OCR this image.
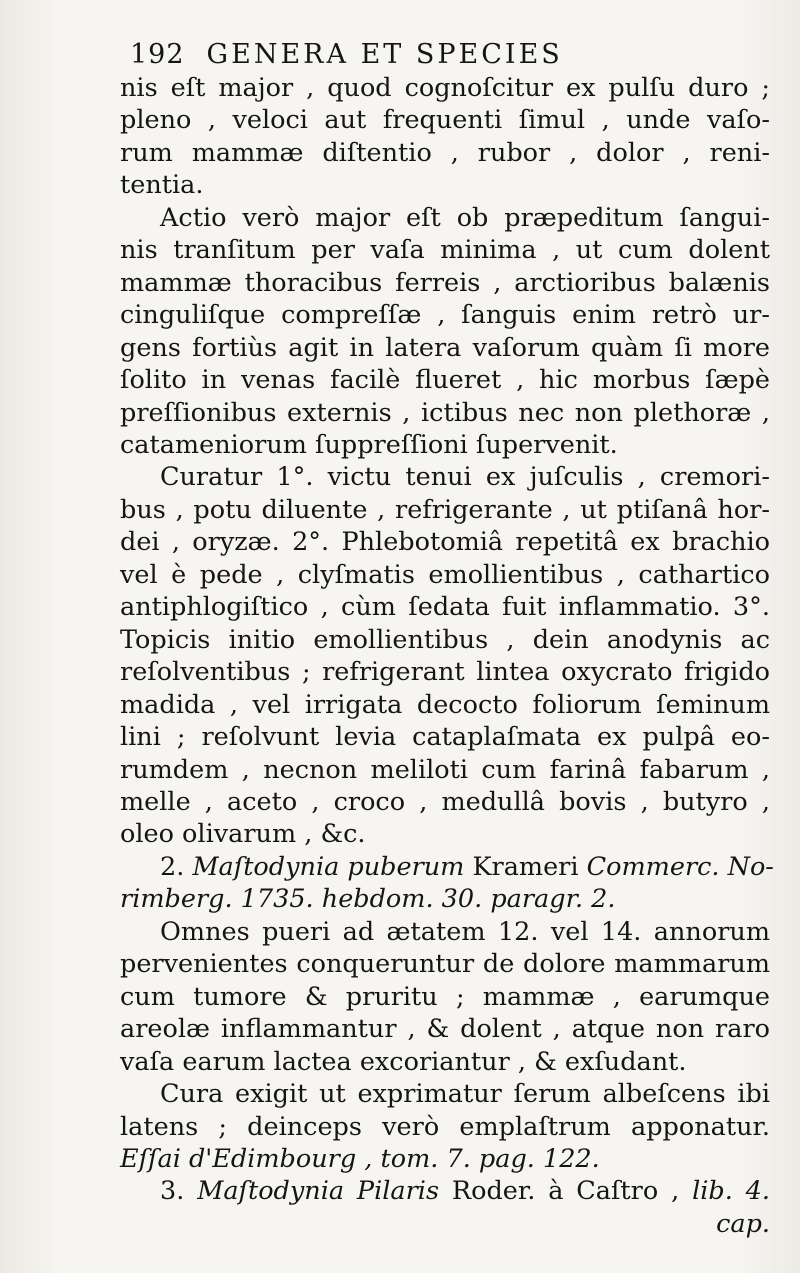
192 GENERA ET SPECIES
nis eſt major , quod cognoſcitur ex pulſu duro ;
pleno , veloci aut frequenti ſimul , unde vaſo-
rum mammæ diſtentio , rubor , dolor , reni-
tentia.
Actio verò major eſt ob præpeditum ſangui-
nis tranſitum per vaſa minima , ut cum dolent
mammæ thoracibus ferreis , arctioribus balænis
cinguliſque compreſſæ , ſanguis enim retrò ur-
gens fortiùs agit in latera vaſorum quàm ſi more
ſolito in venas facilè flueret , hic morbus ſæpè
preſſionibus externis , ictibus nec non plethoræ ,
catameniorum ſuppreſſioni ſupervenit.
Curatur 1°. victu tenui ex juſculis , cremori-
bus , potu diluente , refrigerante , ut ptiſanâ hor-
dei , oryzæ. 2°. Phlebotomiâ repetitâ ex brachio
vel è pede , clyſmatis emollientibus , cathartico
antiphlogiſtico , cùm ſedata fuit inflammatio. 3°.
Topicis initio emollientibus , dein anodynis ac
reſolventibus ; refrigerant lintea oxycrato frigido
madida , vel irrigata decocto foliorum ſeminum
lini ; reſolvunt levia cataplaſmata ex pulpâ eo-
rumdem , necnon meliloti cum farinâ fabarum ,
melle , aceto , croco , medullâ bovis , butyro ,
oleo olivarum , &c.
2. Maſtodynia puberum Krameri Commerc. No-
rimberg. 1735. hebdom. 30. paragr. 2.
Omnes pueri ad ætatem 12. vel 14. annorum
pervenientes conqueruntur de dolore mammarum
cum tumore & pruritu ; mammæ , earumque
areolæ inflammantur , & dolent , atque non raro
vaſa earum lactea excoriantur , & exſudant.
Cura exigit ut exprimatur ſerum albeſcens ibi
latens ; deinceps verò emplaſtrum apponatur.
Eſſai d'Edimbourg , tom. 7. pag. 122.
3. Maſtodynia Pilaris Roder. à Caſtro , lib. 4.
cap.
